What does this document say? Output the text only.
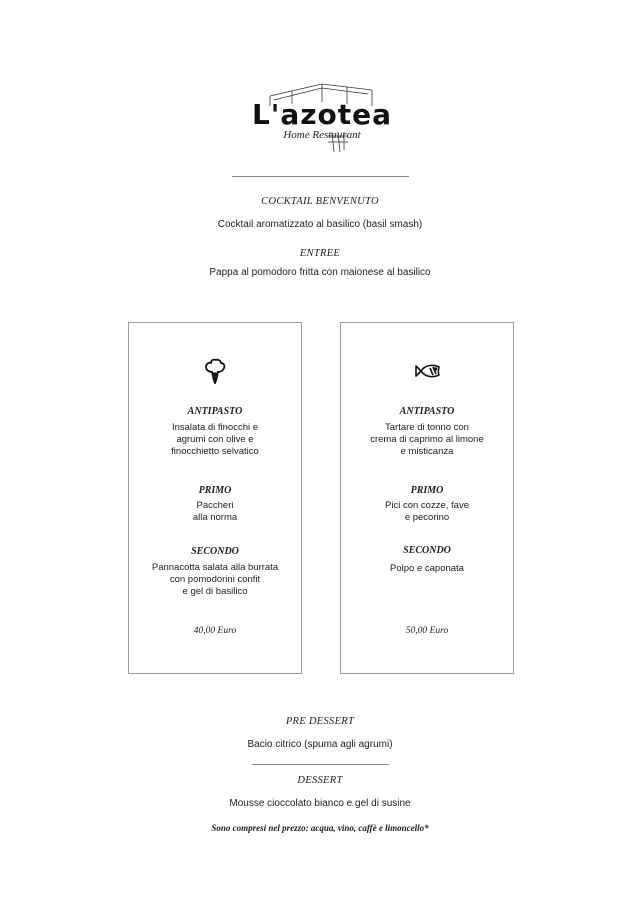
L'azotea
Home Restaurant
COCKTAIL BENVENUTO
Cocktail aromatizzato al basilico (basil smash)
ENTREE
Pappa al pomodoro fritta con maionese al basilico
ANTIPASTO
Insalata di finocchi e
agrumi con olive e
finocchietto selvatico
PRIMO
Paccheri
alla norma
SECONDO
Pannacotta salata alla burrata
con pomodorini confit
e gel di basilico
40,00 Euro
ANTIPASTO
Tartare di tonno con
crema di caprimo al limone
e misticanza
PRIMO
Pici con cozze, fave
e pecorino
SECONDO
Polpo e caponata
50,00 Euro
PRE DESSERT
Bacio citrico (spuma agli agrumi)
DESSERT
Mousse cioccolato bianco e gel di susine
Sono compresi nel prezzo: acqua, vino, caffè e limoncello*
